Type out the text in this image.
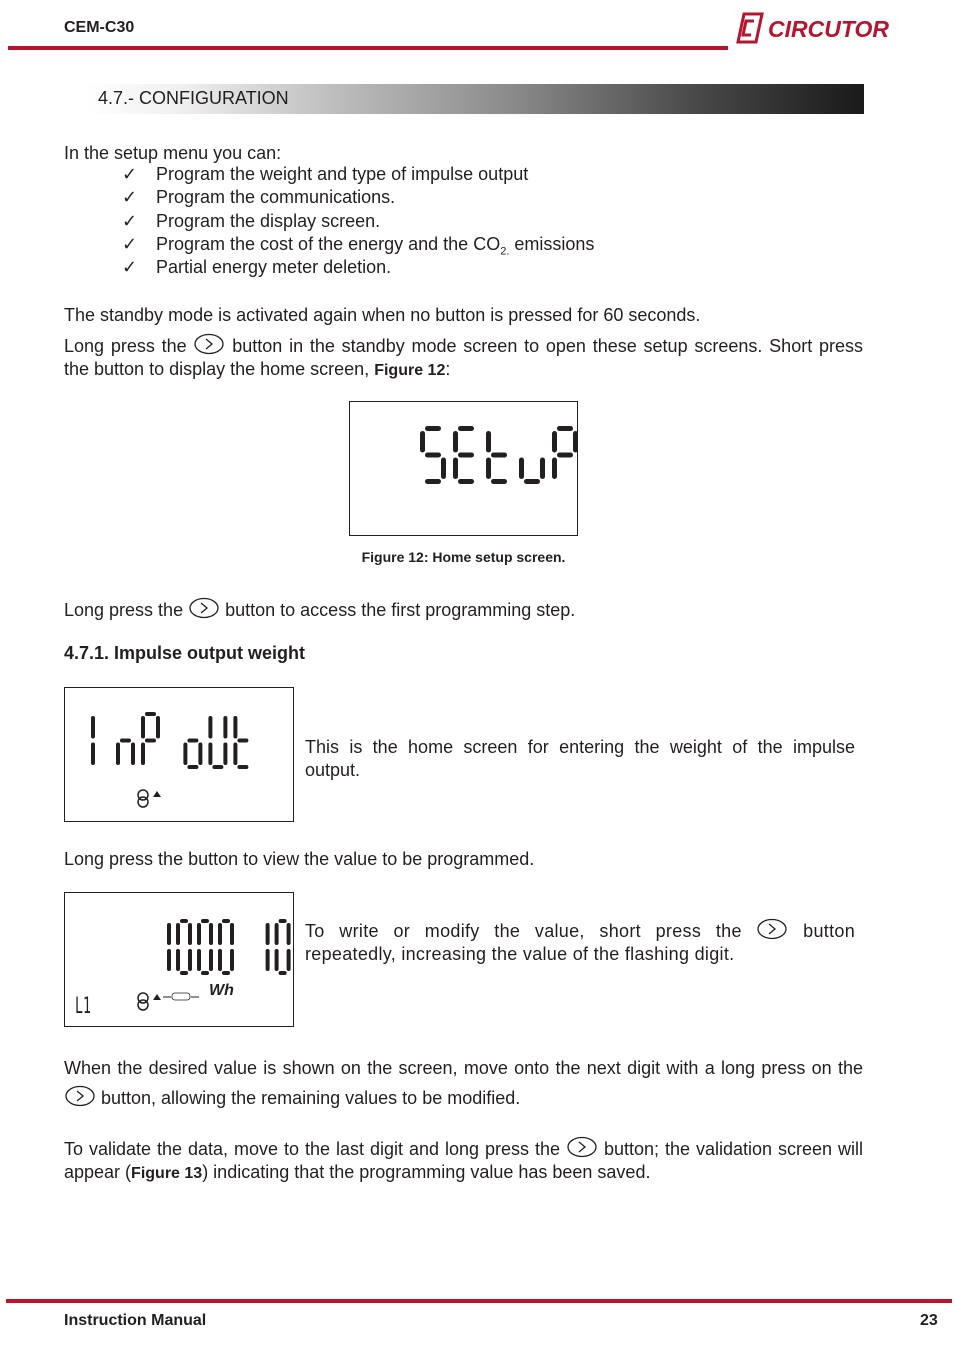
CEM-C30	CIRCUTOR
4.7.- CONFIGURATION
In the setup menu you can:
✓ Program the weight and type of impulse output
✓ Program the communications.
✓ Program the display screen.
✓ Program the cost of the energy and the $CO_{2.}$ emissions
✓ Partial energy meter deletion.
The standby mode is activated again when no button is pressed for 60 seconds.
Long press the  button in the standby mode screen to open these setup screens. Short press the button to display the home screen, Figure 12:
Figure 12: Home setup screen.
Long press the  button to access the first programming step.
4.7.1. Impulse output weight
This is the home screen for entering the weight of the impulse output.
Long press the button to view the value to be programmed.
L1
Wh
To write or modify the value, short press the	button repeatedly, increasing the value of the flashing digit.
When the desired value is shown on the screen, move onto the next digit with a long press on the button, allowing the remaining values to be modified.
To validate the data, move to the last digit and long press the  button; the validation screen will appear (Figure 13) indicating that the programming value has been saved.
Instruction Manual	23
